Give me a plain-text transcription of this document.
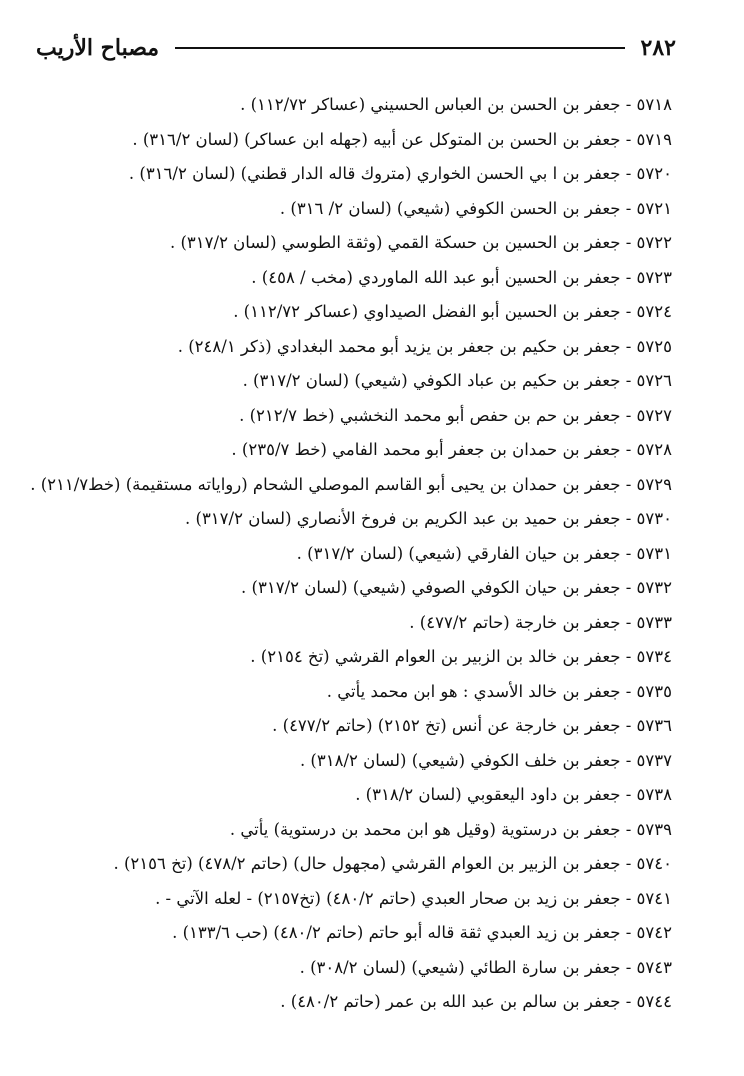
٢٨٢
مصباح الأريب
٥٧١٨ - جعفر بن الحسن بن العباس الحسيني (عساكر ١١٢/٧٢) .
٥٧١٩ - جعفر بن الحسن بن المتوكل عن أبيه (جهله ابن عساكر) (لسان ٣١٦/٢) .
٥٧٢٠ - جعفر بن ا بي الحسن الخواري (متروك قاله الدار قطني) (لسان ٣١٦/٢) .
٥٧٢١ - جعفر بن الحسن الكوفي (شيعي) (لسان ٢/ ٣١٦) .
٥٧٢٢ - جعفر بن الحسين بن حسكة القمي (وثقة الطوسي (لسان ٣١٧/٢) .
٥٧٢٣ - جعفر بن الحسين أبو عبد الله الماوردي (مخب / ٤٥٨) .
٥٧٢٤ - جعفر بن الحسين أبو الفضل الصيداوي (عساكر ١١٢/٧٢) .
٥٧٢٥ - جعفر بن حكيم بن جعفر بن يزيد أبو محمد البغدادي (ذكر ٢٤٨/١) .
٥٧٢٦ - جعفر بن حكيم بن عباد الكوفي (شيعي) (لسان ٣١٧/٢) .
٥٧٢٧ - جعفر بن حم بن حفص أبو محمد النخشبي (خط ٢١٢/٧) .
٥٧٢٨ - جعفر بن حمدان بن جعفر أبو محمد الفامي (خط ٢٣٥/٧) .
٥٧٢٩ - جعفر بن حمدان بن يحيى أبو القاسم الموصلي الشحام (رواياته مستقيمة) (خط٢١١/٧) .
٥٧٣٠ - جعفر بن حميد بن عبد الكريم بن فروخ الأنصاري (لسان ٣١٧/٢) .
٥٧٣١ - جعفر بن حيان الفارقي (شيعي) (لسان ٣١٧/٢) .
٥٧٣٢ - جعفر بن حيان الكوفي الصوفي (شيعي) (لسان ٣١٧/٢) .
٥٧٣٣ - جعفر بن خارجة (حاتم ٤٧٧/٢) .
٥٧٣٤ - جعفر بن خالد بن الزبير بن العوام القرشي (تخ ٢١٥٤) .
٥٧٣٥ - جعفر بن خالد الأسدي : هو ابن محمد يأتي .
٥٧٣٦ - جعفر بن خارجة عن أنس (تخ ٢١٥٢) (حاتم ٤٧٧/٢) .
٥٧٣٧ - جعفر بن خلف الكوفي (شيعي) (لسان ٣١٨/٢) .
٥٧٣٨ - جعفر بن داود اليعقوبي (لسان ٣١٨/٢) .
٥٧٣٩ - جعفر بن درستوية (وقيل هو ابن محمد بن درستوية) يأتي .
٥٧٤٠ - جعفر بن الزبير بن العوام القرشي (مجهول حال) (حاتم ٤٧٨/٢) (تخ ٢١٥٦) .
٥٧٤١ - جعفر بن زيد بن صحار العبدي (حاتم ٤٨٠/٢) (تخ٢١٥٧) - لعله الآتي - .
٥٧٤٢ - جعفر بن زيد العبدي ثقة قاله أبو حاتم (حاتم ٤٨٠/٢) (حب ١٣٣/٦) .
٥٧٤٣ - جعفر بن سارة الطائي (شيعي) (لسان ٣٠٨/٢) .
٥٧٤٤ - جعفر بن سالم بن عبد الله بن عمر (حاتم ٤٨٠/٢) .
